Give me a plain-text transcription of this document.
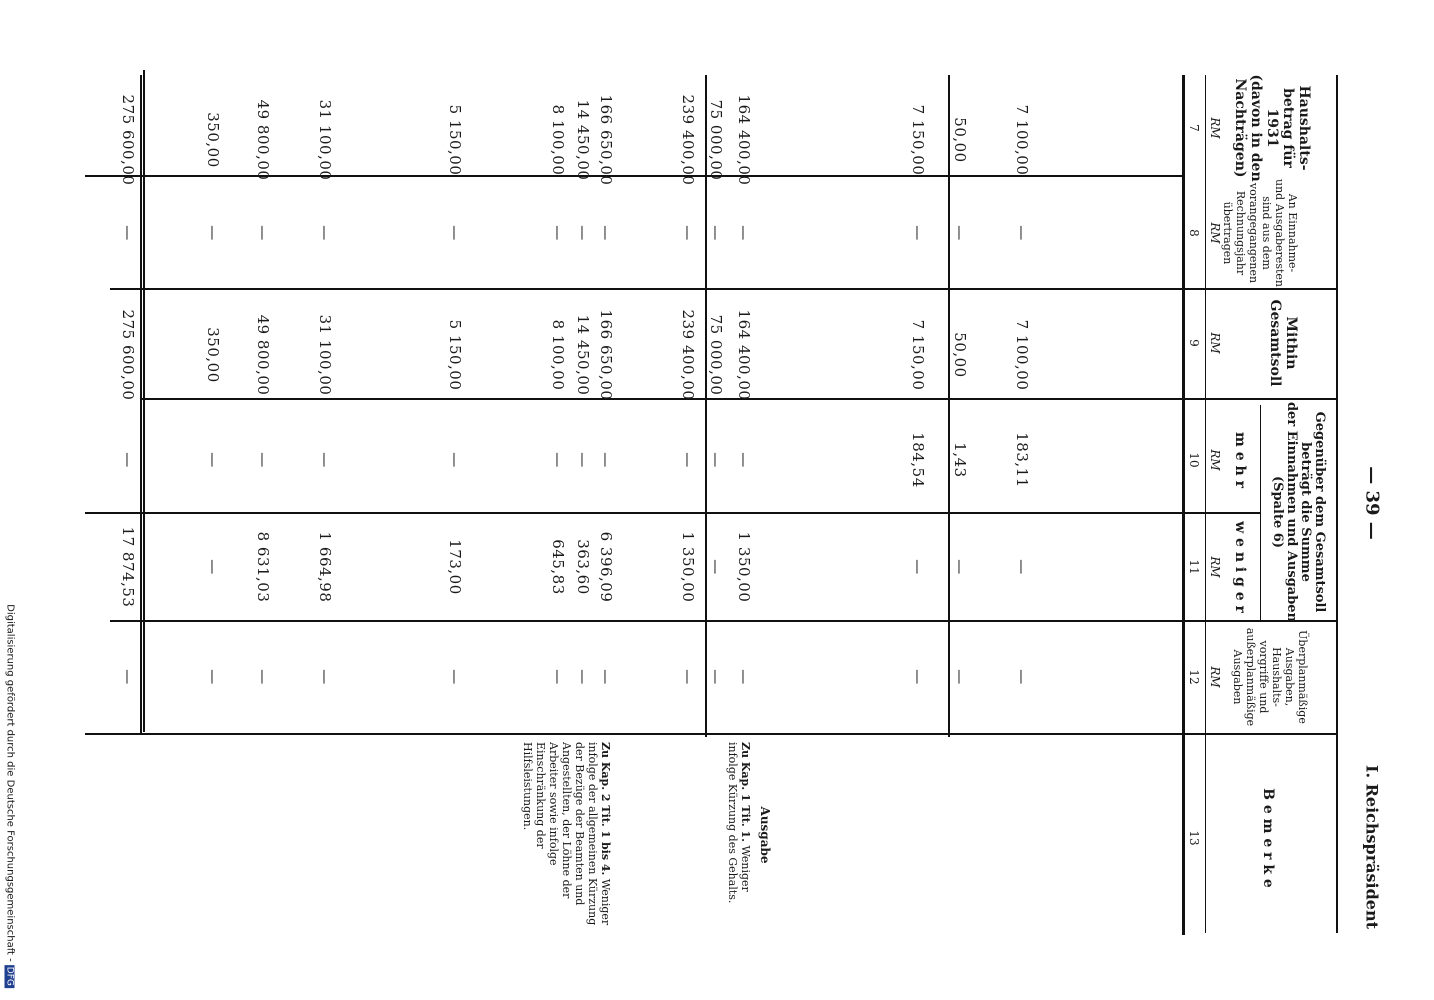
— 39 —
I. Reichspräsident
Haushalts-
betrag für
1931
(davon in den
Nachträgen)
An Einnahme-
und Ausgaberesten
sind aus dem
vorangegangenen
Rechnungsjahr
übertragen
Mithin
Gesamtsoll
Gegenüber dem Gesamtsoll
beträgt die Summe
der Einnahmen und Ausgaben
(Spalte 6)
m e h r
w e n i g e r
Überplanmäßige
Ausgaben,
Haushalts-
vorgriffe und
außerplanmäßige
Ausgaben
B e m e r k e
RM
RM
RM
RM
RM
RM
7
8
9
10
11
12
13
7 100,00
—
7 100,00
183,11
—
—
50,00
—
50,00
1,43
—
—
7 150,00
—
7 150,00
184,54
—
—
164 400,00
—
164 400,00
—
1 350,00
—
75 000,00
—
75 000,00
—
—
—
239 400,00
—
239 400,00
—
1 350,00
—
166 650,00
—
166 650,00
—
6 396,09
—
14 450,00
—
14 450,00
—
363,60
—
8 100,00
—
8 100,00
—
645,83
—
5 150,00
—
5 150,00
—
173,00
—
31 100,00
—
31 100,00
—
1 664,98
—
49 800,00
—
49 800,00
—
8 631,03
—
350,00
—
350,00
—
—
—
275 600,00
—
275 600,00
—
17 874,53
—
Ausgabe
Zu Kap. 1 Tit. 1. Weniger infolge Kürzung des Gehalts.
Zu Kap. 2 Tit. 1 bis 4. Weniger infolge der allgemeinen Kürzung der Bezüge der Beamten und Angestellten, der Löhne der Arbeiter sowie infolge Einschränkung der Hilfsleistungen.
Digitalisierung gefördert durch die Deutsche Forschungsgemeinschaft -DFG
